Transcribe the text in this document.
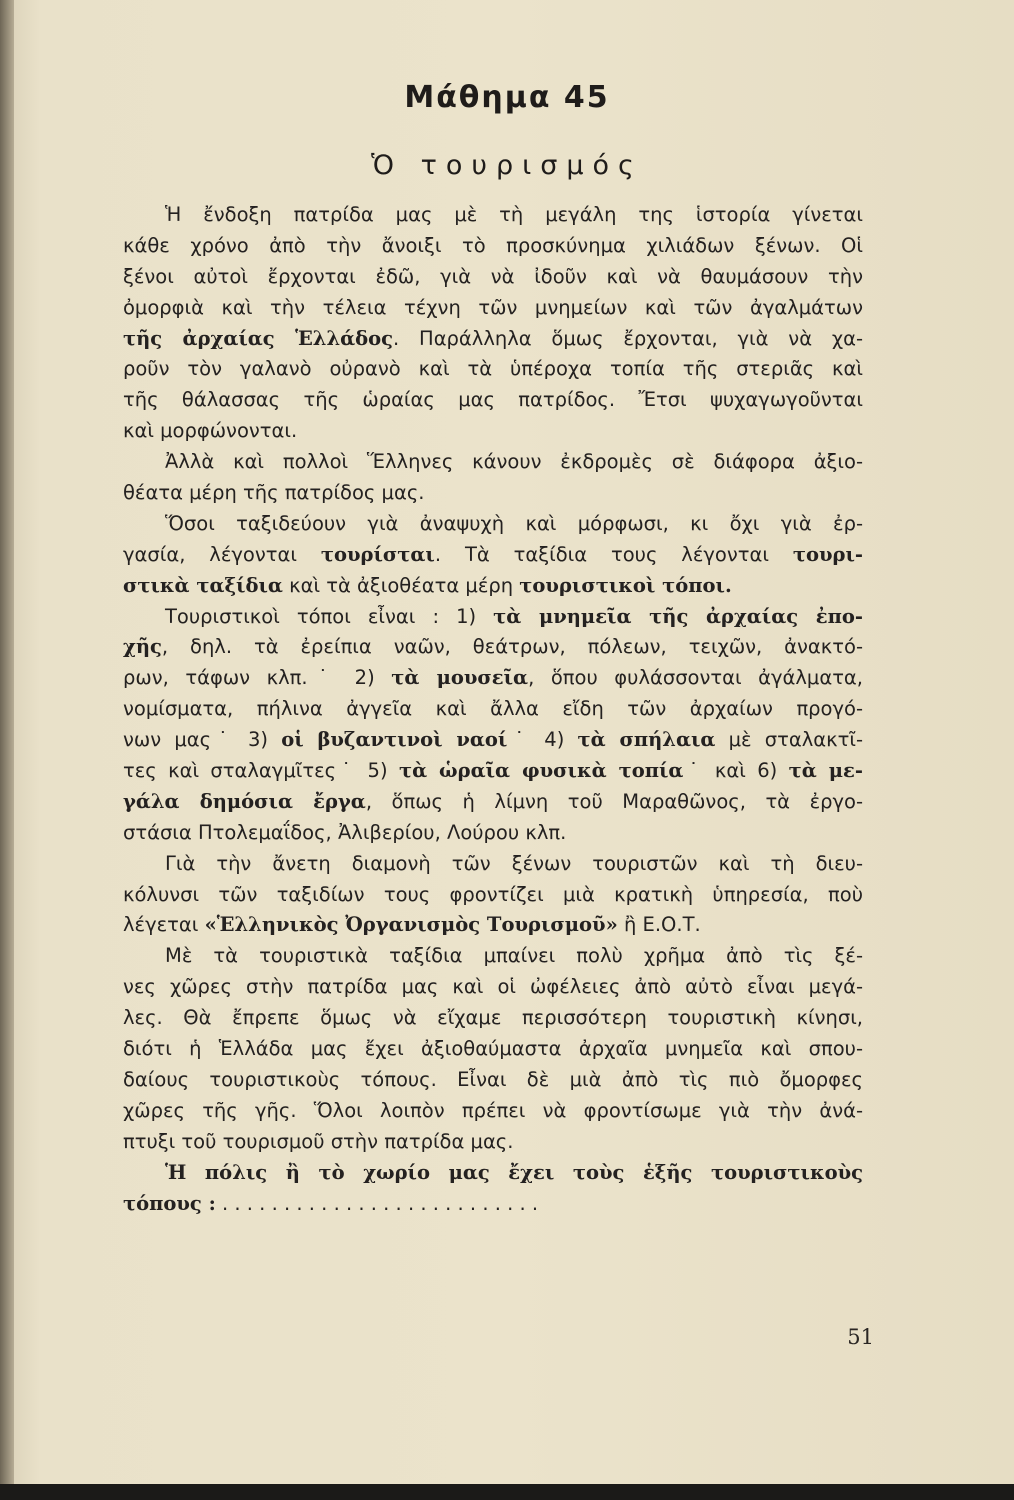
Μάθημα 45
Ὁ τουρισμός
Ἡ ἔνδοξη πατρίδα μας μὲ τὴ μεγάλη της ἱστορία γίνεται
κάθε χρόνο ἀπὸ τὴν ἄνοιξι τὸ προσκύνημα χιλιάδων ξένων. Οἱ
ξένοι αὐτοὶ ἔρχονται ἐδῶ, γιὰ νὰ ἰδοῦν καὶ νὰ θαυμάσουν τὴν
ὀμορφιὰ καὶ τὴν τέλεια τέχνη τῶν μνημείων καὶ τῶν ἀγαλμάτων
τῆς ἀρχαίας Ἑλλάδος. Παράλληλα ὅμως ἔρχονται, γιὰ νὰ χα-
ροῦν τὸν γαλανὸ οὐρανὸ καὶ τὰ ὑπέροχα τοπία τῆς στεριᾶς καὶ
τῆς θάλασσας τῆς ὡραίας μας πατρίδος. Ἔτσι ψυχαγωγοῦνται
καὶ μορφώνονται.
Ἀλλὰ καὶ πολλοὶ Ἕλληνες κάνουν ἐκδρομὲς σὲ διάφορα ἀξιο-
θέατα μέρη τῆς πατρίδος μας.
Ὅσοι ταξιδεύουν γιὰ ἀναψυχὴ καὶ μόρφωσι, κι ὄχι γιὰ ἐρ-
γασία, λέγονται τουρίσται. Τὰ ταξίδια τους λέγονται τουρι-
στικὰ ταξίδια καὶ τὰ ἀξιοθέατα μέρη τουριστικοὶ τόποι.
Τουριστικοὶ τόποι εἶναι : 1) τὰ μνημεῖα τῆς ἀρχαίας ἐπο-
χῆς, δηλ. τὰ ἐρείπια ναῶν, θεάτρων, πόλεων, τειχῶν, ἀνακτό-
ρων, τάφων κλπ.˙ 2) τὰ μουσεῖα, ὅπου φυλάσσονται ἀγάλματα,
νομίσματα, πήλινα ἀγγεῖα καὶ ἄλλα εἴδη τῶν ἀρχαίων προγό-
νων μας˙ 3) οἱ βυζαντινοὶ ναοί˙ 4) τὰ σπήλαια μὲ σταλακτῖ-
τες καὶ σταλαγμῖτες˙ 5) τὰ ὡραῖα φυσικὰ τοπία˙ καὶ 6) τὰ με-
γάλα δημόσια ἔργα, ὅπως ἡ λίμνη τοῦ Μαραθῶνος, τὰ ἐργο-
στάσια Πτολεμαΐδος, Ἀλιβερίου, Λούρου κλπ.
Γιὰ τὴν ἄνετη διαμονὴ τῶν ξένων τουριστῶν καὶ τὴ διευ-
κόλυνσι τῶν ταξιδίων τους φροντίζει μιὰ κρατικὴ ὑπηρεσία, ποὺ
λέγεται «Ἑλληνικὸς Ὀργανισμὸς Τουρισμοῦ» ἢ Ε.Ο.Τ.
Μὲ τὰ τουριστικὰ ταξίδια μπαίνει πολὺ χρῆμα ἀπὸ τὶς ξέ-
νες χῶρες στὴν πατρίδα μας καὶ οἱ ὠφέλειες ἀπὸ αὐτὸ εἶναι μεγά-
λες. Θὰ ἔπρεπε ὅμως νὰ εἴχαμε περισσότερη τουριστικὴ κίνησι,
διότι ἡ Ἑλλάδα μας ἔχει ἀξιοθαύμαστα ἀρχαῖα μνημεῖα καὶ σπου-
δαίους τουριστικοὺς τόπους. Εἶναι δὲ μιὰ ἀπὸ τὶς πιὸ ὄμορφες
χῶρες τῆς γῆς. Ὅλοι λοιπὸν πρέπει νὰ φροντίσωμε γιὰ τὴν ἀνά-
πτυξι τοῦ τουρισμοῦ στὴν πατρίδα μας.
Ἡ πόλις ἢ τὸ χωρίο μας ἔχει τοὺς ἑξῆς τουριστικοὺς
τόπους : . . . . . . . . . . . . . . . . . . . . . . . . . .
51
